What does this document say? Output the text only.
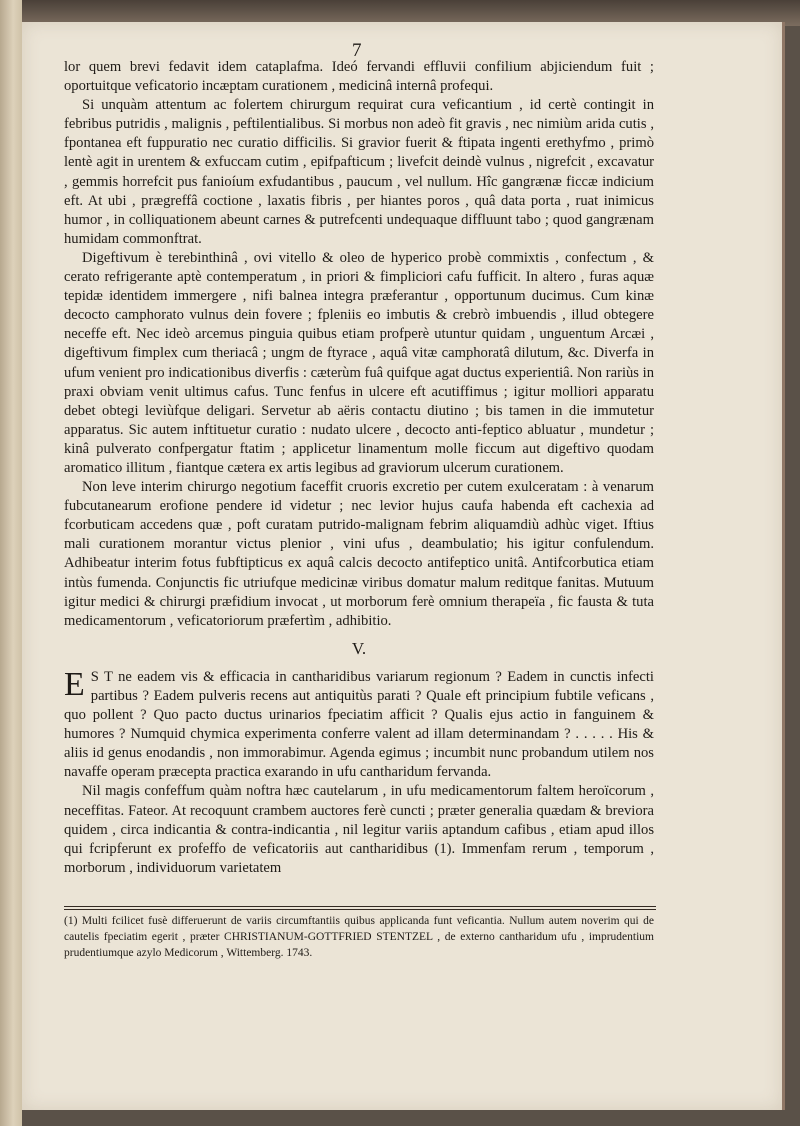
7

lor quem brevi fedavit idem cataplafma. Ideó fervandi effluvii confilium abjiciendum fuit ; oportuitque veficatorio incæptam curationem , medicinâ internâ profequi.

Si unquàm attentum ac folertem chirurgum requirat cura veficantium , id certè contingit in febribus putridis , malignis , peftilentialibus. Si morbus non adeò fit gravis , nec nimiùm arida cutis , fpontanea eft fuppuratio nec curatio difficilis. Si gravior fuerit & ftipata ingenti erethyfmo , primò lentè agit in urentem & exfuccam cutim , epifpafticum ; livefcit deindè vulnus , nigrefcit , excavatur , gemmis horrefcit pus fanioíum exfudantibus , paucum , vel nullum. Hîc gangrænæ ficcæ indicium eft. At ubi , prægreffâ coctione , laxatis fibris , per hiantes poros , quâ data porta , ruat inimicus humor , in colliquationem abeunt carnes & putrefcenti undequaque diffluunt tabo ; quod gangrænam humidam commonftrat.

Digeftivum è terebinthinâ , ovi vitello & oleo de hyperico probè commixtis , confectum , & cerato refrigerante aptè contemperatum , in priori & fimpliciori cafu fufficit. In altero , furas aquæ tepidæ identidem immergere , nifi balnea integra præferantur , opportunum ducimus. Cum kinæ decocto camphorato vulnus dein fovere ; fpleniis eo imbutis & crebrò imbuendis , illud obtegere neceffe eft. Nec ideò arcemus pinguia quibus etiam profperè utuntur quidam , unguentum Arcæi , digeftivum fimplex cum theriacâ ; ungm de ftyrace , aquâ vitæ camphoratâ dilutum, &c. Diverfa in ufum venient pro indicationibus diverfis : cæterùm fuâ quifque agat ductus experientiâ. Non rariùs in praxi obviam venit ultimus cafus. Tunc fenfus in ulcere eft acutiffimus ; igitur molliori apparatu debet obtegi leviùfque deligari. Servetur ab aëris contactu diutino ; bis tamen in die immutetur apparatus. Sic autem inftituetur curatio : nudato ulcere , decocto anti-feptico abluatur , mundetur ; kinâ pulverato confpergatur ftatim ; applicetur linamentum molle ficcum aut digeftivo quodam aromatico illitum , fiantque cætera ex artis legibus ad graviorum ulcerum curationem.

Non leve interim chirurgo negotium faceffit cruoris excretio per cutem exulceratam : à venarum fubcutanearum erofione pendere id videtur ; nec levior hujus caufa habenda eft cachexia ad fcorbuticam accedens quæ , poft curatam putrido-malignam febrim aliquamdiù adhùc viget. Iftius mali curationem morantur victus plenior , vini ufus , deambulatio; his igitur confulendum. Adhibeatur interim fotus fubftipticus ex aquâ calcis decocto antifeptico unitâ. Antifcorbutica etiam intùs fumenda. Conjunctis fic utriufque medicinæ viribus domatur malum reditque fanitas. Mutuum igitur medici & chirurgi præfidium invocat , ut morborum ferè omnium therapeïa , fic fausta & tuta medicamentorum , veficatoriorum præfertìm , adhibitio.

V.

E S T ne eadem vis & efficacia in cantharidibus variarum regionum ? Eadem in cunctis infecti partibus ? Eadem pulveris recens aut antiquitùs parati ? Quale eft principium fubtile veficans , quo pollent ? Quo pacto ductus urinarios fpeciatim afficit ? Qualis ejus actio in fanguinem & humores ? Numquid chymica experimenta conferre valent ad illam determinandam ? . . . . . His & aliis id genus enodandis , non immorabimur. Agenda egimus ; incumbit nunc probandum utilem nos navaffe operam præcepta practica exarando in ufu cantharidum fervanda.

Nil magis confeffum quàm noftra hæc cautelarum , in ufu medicamentorum faltem heroïcorum , neceffitas. Fateor. At recoquunt crambem auctores ferè cuncti ; præter generalia quædam & breviora quidem , circa indicantia & contra-indicantia , nil legitur variis aptandum cafibus , etiam apud illos qui fcripferunt ex profeffo de veficatoriis aut cantharidibus (1). Immenfam rerum , temporum , morborum , individuorum varietatem

(1) Multi fcilicet fusè differuerunt de variis circumftantiis quibus applicanda funt veficantia. Nullum autem noverim qui de cautelis fpeciatim egerit , præter CHRISTIANUM-GOTTFRIED STENTZEL , de externo cantharidum ufu , imprudentium prudentiumque azylo Medicorum , Wittemberg. 1743.
